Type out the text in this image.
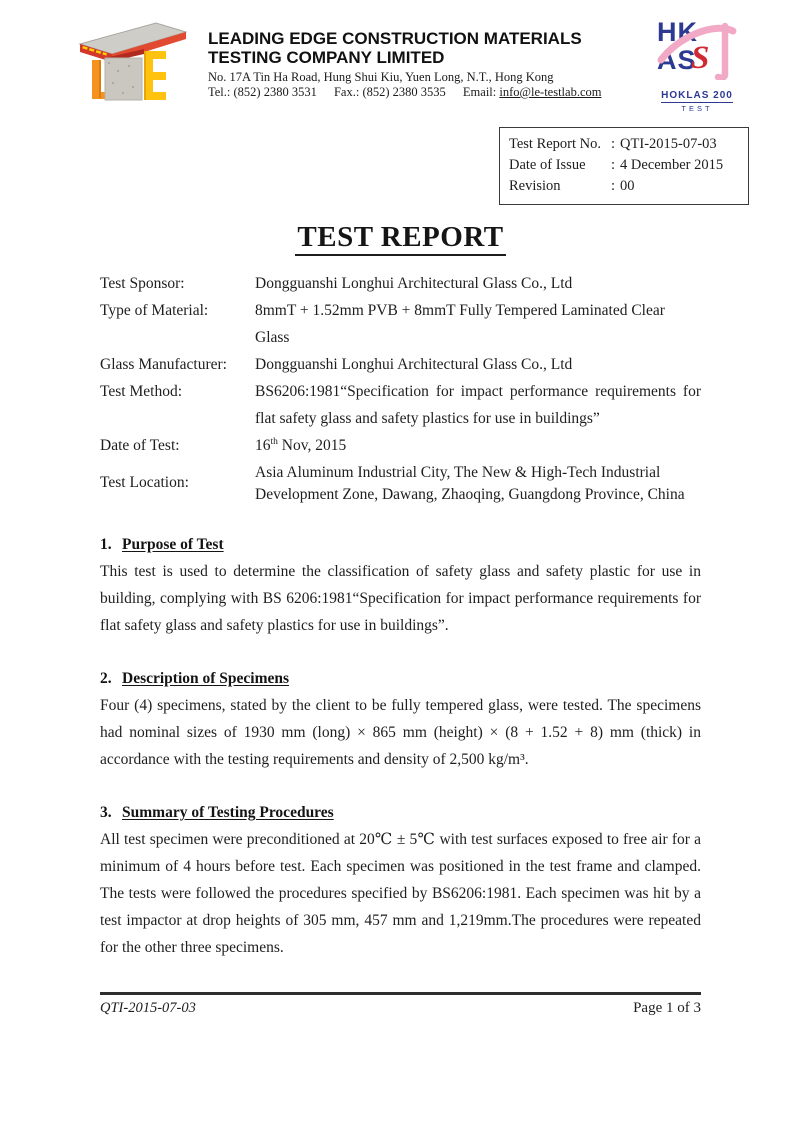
LEADING EDGE CONSTRUCTION MATERIALS
TESTING COMPANY LIMITED
No. 17A Tin Ha Road, Hung Shui Kiu, Yuen Long, N.T., Hong Kong
Tel.: (852) 2380 3531 Fax.: (852) 2380 3535 Email: info@le-testlab.com
HK
AS
S
HOKLAS 200
TEST
Test Report No. : QTI-2015-07-03
Date of Issue	: 4 December 2015
Revision	: 00
TEST REPORT
Test Sponsor:	Dongguanshi Longhui Architectural Glass Co., Ltd
Type of Material:	8mmT + 1.52mm PVB + 8mmT Fully Tempered Laminated Clear Glass
Glass Manufacturer:	Dongguanshi Longhui Architectural Glass Co., Ltd
Test Method:	BS6206:1981“Specification for impact performance requirements for flat safety glass and safety plastics for use in buildings”
Date of Test:	16th Nov, 2015
Test Location:
Asia Aluminum Industrial City, The New & High-Tech Industrial Development Zone, Dawang, Zhaoqing, Guangdong Province, China
1. Purpose of Test

This test is used to determine the classification of safety glass and safety plastic for use in building, complying with BS 6206:1981“Specification for impact performance requirements for flat safety glass and safety plastics for use in buildings”.

2. Description of Specimens

Four (4) specimens, stated by the client to be fully tempered glass, were tested. The specimens had nominal sizes of 1930 mm (long) × 865 mm (height) × (8 + 1.52 + 8) mm (thick) in accordance with the testing requirements and density of 2,500 kg/m³.

3. Summary of Testing Procedures

All test specimen were preconditioned at 20℃ ± 5℃ with test surfaces exposed to free air for a minimum of 4 hours before test. Each specimen was positioned in the test frame and clamped. The tests were followed the procedures specified by BS6206:1981. Each specimen was hit by a test impactor at drop heights of 305 mm, 457 mm and 1,219mm.The procedures were repeated for the other three specimens.

QTI-2015-07-03	Page 1 of 3
